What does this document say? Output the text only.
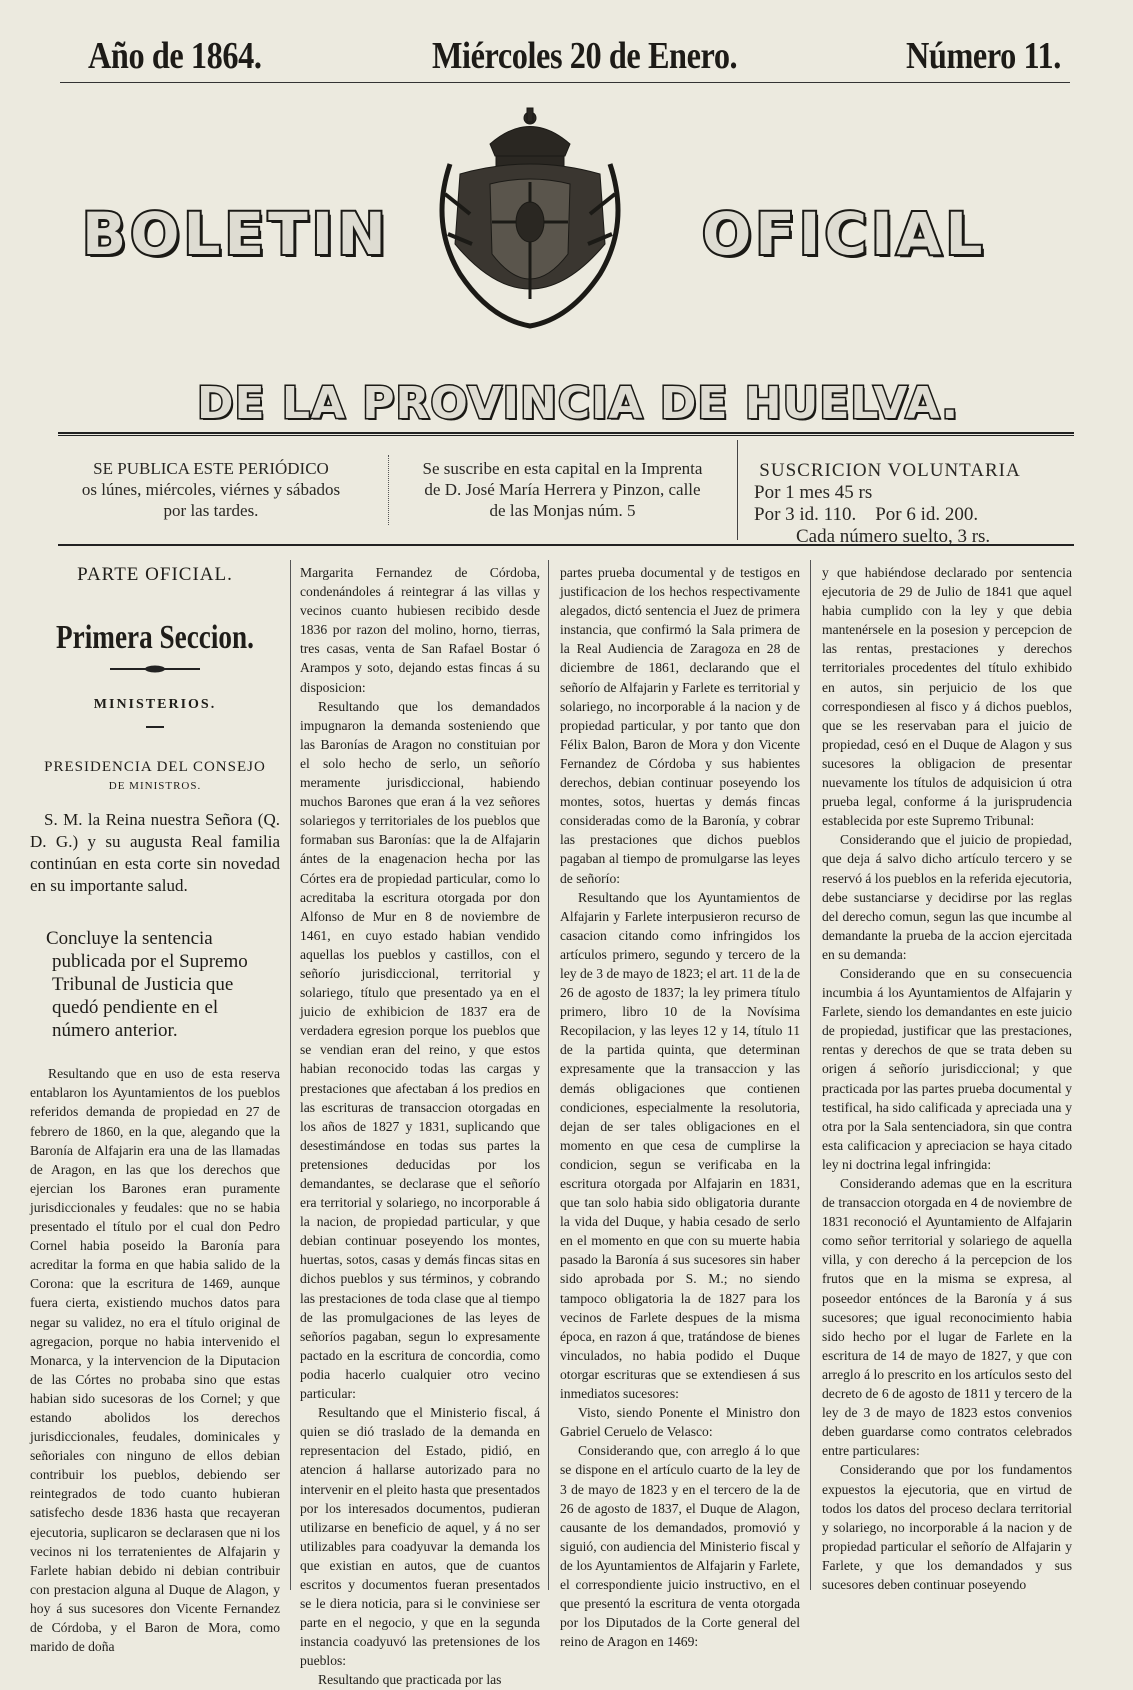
Año de 1864.	Miércoles 20 de Enero.	Número 11.
BOLETIN	OFICIAL
DE LA PROVINCIA DE HUELVA.
SE PUBLICA ESTE PERIÓDICO
os lúnes, miércoles, viérnes y sábados
por las tardes.
Se suscribe en esta capital en la Imprenta
de D. José María Herrera y Pinzon, calle
de las Monjas núm. 5
SUSCRICION VOLUNTARIA
Por 1 mes 45 rs
Por 3 id. 110. Por 6 id. 200.
Cada número suelto, 3 rs.
PARTE OFICIAL.
Primera Seccion.
MINISTERIOS.
PRESIDENCIA DEL CONSEJO
DE MINISTROS.
S. M. la Reina nuestra Señora (Q. D. G.) y su augusta Real familia continúan en esta corte sin novedad en su importante salud.
Concluye la sentencia publicada por el Supremo Tribunal de Justicia que quedó pendiente en el número anterior.

Resultando que en uso de esta reserva entablaron los Ayuntamientos de los pueblos referidos demanda de propiedad en 27 de febrero de 1860, en la que, alegando que la Baronía de Alfajarin era una de las llamadas de Aragon, en las que los derechos que ejercian los Barones eran puramente jurisdiccionales y feudales: que no se habia presentado el título por el cual don Pedro Cornel habia poseido la Baronía para acreditar la forma en que habia salido de la Corona: que la escritura de 1469, aunque fuera cierta, existiendo muchos datos para negar su validez, no era el título original de agregacion, porque no habia intervenido el Monarca, y la intervencion de la Diputacion de las Córtes no probaba sino que estas habian sido sucesoras de los Cornel; y que estando abolidos los derechos jurisdiccionales, feudales, dominicales y señoriales con ninguno de ellos debian contribuir los pueblos, debiendo ser reintegrados de todo cuanto hubieran satisfecho desde 1836 hasta que recayeran ejecutoria, suplicaron se declarasen que ni los vecinos ni los terratenientes de Alfajarin y Farlete habian debido ni debian contribuir con prestacion alguna al Duque de Alagon, y hoy á sus sucesores don Vicente Fernandez de Córdoba, y el Baron de Mora, como marido de doña

Margarita Fernandez de Córdoba, condenándoles á reintegrar á las villas y vecinos cuanto hubiesen recibido desde 1836 por razon del molino, horno, tierras, tres casas, venta de San Rafael Bostar ó Arampos y soto, dejando estas fincas á su disposicion:

Resultando que los demandados impugnaron la demanda sosteniendo que las Baronías de Aragon no constituian por el solo hecho de serlo, un señorío meramente jurisdiccional, habiendo muchos Barones que eran á la vez señores solariegos y territoriales de los pueblos que formaban sus Baronías: que la de Alfajarin ántes de la enagenacion hecha por las Córtes era de propiedad particular, como lo acreditaba la escritura otorgada por don Alfonso de Mur en 8 de noviembre de 1461, en cuyo estado habian vendido aquellas los pueblos y castillos, con el señorío jurisdiccional, territorial y solariego, título que presentado ya en el juicio de exhibicion de 1837 era de verdadera egresion porque los pueblos que se vendian eran del reino, y que estos habian reconocido todas las cargas y prestaciones que afectaban á los predios en las escrituras de transaccion otorgadas en los años de 1827 y 1831, suplicando que desestimándose en todas sus partes la pretensiones deducidas por los demandantes, se declarase que el señorío era territorial y solariego, no incorporable á la nacion, de propiedad particular, y que debian continuar poseyendo los montes, huertas, sotos, casas y demás fincas sitas en dichos pueblos y sus términos, y cobrando las prestaciones de toda clase que al tiempo de las promulgaciones de las leyes de señoríos pagaban, segun lo expresamente pactado en la escritura de concordia, como podia hacerlo cualquier otro vecino particular:

Resultando que el Ministerio fiscal, á quien se dió traslado de la demanda en representacion del Estado, pidió, en atencion á hallarse autorizado para no intervenir en el pleito hasta que presentados por los interesados documentos, pudieran utilizarse en beneficio de aquel, y á no ser utilizables para coadyuvar la demanda los que existian en autos, que de cuantos escritos y documentos fueran presentados se le diera noticia, para si le conviniese ser parte en el negocio, y que en la segunda instancia coadyuvó las pretensiones de los pueblos:

Resultando que practicada por las

partes prueba documental y de testigos en justificacion de los hechos respectivamente alegados, dictó sentencia el Juez de primera instancia, que confirmó la Sala primera de la Real Audiencia de Zaragoza en 28 de diciembre de 1861, declarando que el señorío de Alfajarin y Farlete es territorial y solariego, no incorporable á la nacion y de propiedad particular, y por tanto que don Félix Balon, Baron de Mora y don Vicente Fernandez de Córdoba y sus habientes derechos, debian continuar poseyendo los montes, sotos, huertas y demás fincas consideradas como de la Baronía, y cobrar las prestaciones que dichos pueblos pagaban al tiempo de promulgarse las leyes de señorío:

Resultando que los Ayuntamientos de Alfajarin y Farlete interpusieron recurso de casacion citando como infringidos los artículos primero, segundo y tercero de la ley de 3 de mayo de 1823; el art. 11 de la de 26 de agosto de 1837; la ley primera título primero, libro 10 de la Novísima Recopilacion, y las leyes 12 y 14, título 11 de la partida quinta, que determinan expresamente que la transaccion y las demás obligaciones que contienen condiciones, especialmente la resolutoria, dejan de ser tales obligaciones en el momento en que cesa de cumplirse la condicion, segun se verificaba en la escritura otorgada por Alfajarin en 1831, que tan solo habia sido obligatoria durante la vida del Duque, y habia cesado de serlo en el momento en que con su muerte habia pasado la Baronía á sus sucesores sin haber sido aprobada por S. M.; no siendo tampoco obligatoria la de 1827 para los vecinos de Farlete despues de la misma época, en razon á que, tratándose de bienes vinculados, no habia podido el Duque otorgar escrituras que se extendiesen á sus inmediatos sucesores:

Visto, siendo Ponente el Ministro don Gabriel Ceruelo de Velasco:

Considerando que, con arreglo á lo que se dispone en el artículo cuarto de la ley de 3 de mayo de 1823 y en el tercero de la de 26 de agosto de 1837, el Duque de Alagon, causante de los demandados, promovió y siguió, con audiencia del Ministerio fiscal y de los Ayuntamientos de Alfajarin y Farlete, el correspondiente juicio instructivo, en el que presentó la escritura de venta otorgada por los Diputados de la Corte general del reino de Aragon en 1469:

y que habiéndose declarado por sentencia ejecutoria de 29 de Julio de 1841 que aquel habia cumplido con la ley y que debia mantenérsele en la posesion y percepcion de las rentas, prestaciones y derechos territoriales procedentes del título exhibido en autos, sin perjuicio de los que correspondiesen al fisco y á dichos pueblos, que se les reservaban para el juicio de propiedad, cesó en el Duque de Alagon y sus sucesores la obligacion de presentar nuevamente los títulos de adquisicion ú otra prueba legal, conforme á la jurisprudencia establecida por este Supremo Tribunal:

Considerando que el juicio de propiedad, que deja á salvo dicho artículo tercero y se reservó á los pueblos en la referida ejecutoria, debe sustanciarse y decidirse por las reglas del derecho comun, segun las que incumbe al demandante la prueba de la accion ejercitada en su demanda:

Considerando que en su consecuencia incumbia á los Ayuntamientos de Alfajarin y Farlete, siendo los demandantes en este juicio de propiedad, justificar que las prestaciones, rentas y derechos de que se trata deben su origen á señorío jurisdiccional; y que practicada por las partes prueba documental y testifical, ha sido calificada y apreciada una y otra por la Sala sentenciadora, sin que contra esta calificacion y apreciacion se haya citado ley ni doctrina legal infringida:

Considerando ademas que en la escritura de transaccion otorgada en 4 de noviembre de 1831 reconoció el Ayuntamiento de Alfajarin como señor territorial y solariego de aquella villa, y con derecho á la percepcion de los frutos que en la misma se expresa, al poseedor entónces de la Baronía y á sus sucesores; que igual reconocimiento habia sido hecho por el lugar de Farlete en la escritura de 14 de mayo de 1827, y que con arreglo á lo prescrito en los artículos sesto del decreto de 6 de agosto de 1811 y tercero de la ley de 3 de mayo de 1823 estos convenios deben guardarse como contratos celebrados entre particulares:

Considerando que por los fundamentos expuestos la ejecutoria, que en virtud de todos los datos del proceso declara territorial y solariego, no incorporable á la nacion y de propiedad particular el señorío de Alfajarin y Farlete, y que los demandados y sus sucesores deben continuar poseyendo
